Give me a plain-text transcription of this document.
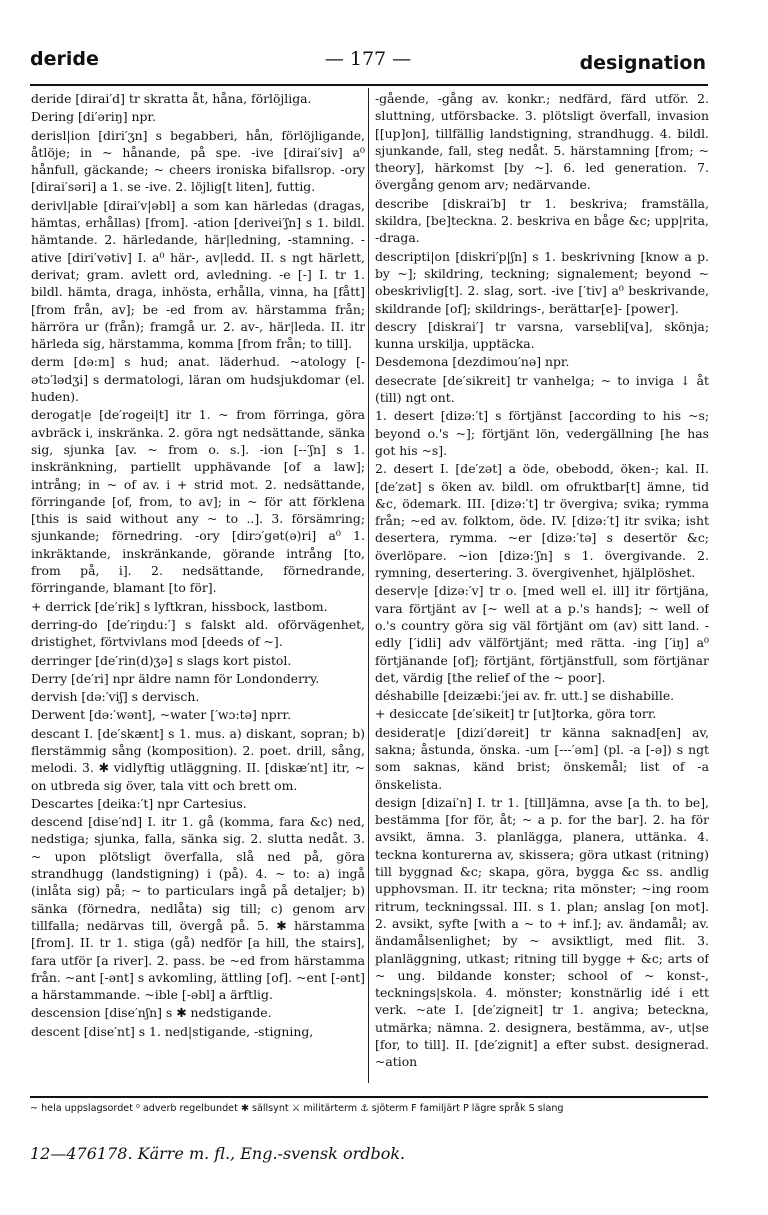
deride	— 177 —	designation

deride [dirai′d] tr skratta åt, håna, förlöjliga.

Dering [di′əriŋ] npr.

derisl|ion [diri′ʒn] s begabberi, hån, förlöjligande, åtlöje; in ~ hånande, på spe. -ive [dirai′siv] a⁰ hånfull, gäckande; ~ cheers ironiska bifallsrop. -ory [dirai′səri] a 1. se -ive. 2. löjlig[t liten], futtig.

derivl|able [dirai′v|əbl] a som kan härledas (dragas, hämtas, erhållas) [from]. -ation [derivei′ʃn] s 1. bildl. hämtande. 2. härledande, här|ledning, -stamning. -ative [diri′vətiv] I. a⁰ här-, av|ledd. II. s ngt härlett, derivat; gram. avlett ord, avledning. -e [-] I. tr 1. bildl. hämta, draga, inhösta, erhålla, vinna, ha [fått] [from från, av]; be -ed from av. härstamma från; härröra ur (från); framgå ur. 2. av-, här|leda. II. itr härleda sig, härstamma, komma [from från; to till].

derm [də:m] s hud; anat. läderhud. ~atology [-ətɔ′lədʒi] s dermatologi, läran om hudsjukdomar (el. huden).

derogat|e [de′rogei|t] itr 1. ~ from förringa, göra avbräck i, inskränka. 2. göra ngt nedsättande, sänka sig, sjunka [av. ~ from o. s.]. -ion [--′ʃn] s 1. inskränkning, partiellt upphävande [of a law]; intrång; in ~ of av. i + strid mot. 2. nedsättande, förringande [of, from, to av]; in ~ för att förklena [this is said without any ~ to ..]. 3. försämring; sjunkande; förnedring. -ory [dirɔ′gət(ə)ri] a⁰ 1. inkräktande, inskränkande, görande intrång [to, from på, i]. 2. nedsättande, förnedrande, förringande, blamant [to för].

+ derrick [de′rik] s lyftkran, hissbock, lastbom.

derring-do [de′riŋdu:′] s falskt ald. oförvägenhet, dristighet, förtvivlans mod [deeds of ~].

derringer [de′rin(d)ʒə] s slags kort pistol.

Derry [de′ri] npr äldre namn för Londonderry.

dervish [də:′viʃ] s dervisch.

Derwent [də:′wənt], ~water [′wɔ:tə] nprr.

descant I. [de′skænt] s 1. mus. a) diskant, sopran; b) flerstämmig sång (komposition). 2. poet. drill, sång, melodi. 3. ✱ vidlyftig utläggning. II. [diskæ′nt] itr, ~ on utbreda sig över, tala vitt och brett om.

Descartes [deika:′t] npr Cartesius.

descend [dise′nd] I. itr 1. gå (komma, fara &c) ned, nedstiga; sjunka, falla, sänka sig. 2. slutta nedåt. 3. ~ upon plötsligt överfalla, slå ned på, göra strandhugg (landstigning) i (på). 4. ~ to: a) ingå (inlåta sig) på; ~ to particulars ingå på detaljer; b) sänka (förnedra, nedlåta) sig till; c) genom arv tillfalla; nedärvas till, övergå på. 5. ✱ härstamma [from]. II. tr 1. stiga (gå) nedför [a hill, the stairs], fara utför [a river]. 2. pass. be ~ed from härstamma från. ~ant [-ənt] s avkomling, ättling [of]. ~ent [-ənt] a härstammande. ~ible [-əbl] a ärftlig.

descension [dise′nʃn] s ✱ nedstigande.

descent [dise′nt] s 1. ned|stigande, -stigning,

-gående, -gång av. konkr.; nedfärd, färd utför. 2. sluttning, utförsbacke. 3. plötsligt överfall, invasion [[up]on], tillfällig landstigning, strandhugg. 4. bildl. sjunkande, fall, steg nedåt. 5. härstamning [from; ~ theory], härkomst [by ~]. 6. led generation. 7. övergång genom arv; nedärvande.

describe [diskrai′b] tr 1. beskriva; framställa, skildra, [be]teckna. 2. beskriva en båge &c; upp|rita, -draga.

descripti|on [diskri′p|ʃn] s 1. beskrivning [know a p. by ~]; skildring, teckning; signalement; beyond ~ obeskrivlig[t]. 2. slag, sort. -ive [′tiv] a⁰ beskrivande, skildrande [of]; skildrings-, berättar[e]- [power].

descry [diskrai′] tr varsna, varsebli[va], skönja; kunna urskilja, upptäcka.

Desdemona [dezdimou′nə] npr.

desecrate [de′sikreit] tr vanhelga; ~ to inviga ↓ åt (till) ngt ont.

1. desert [dizə:′t] s förtjänst [according to his ~s; beyond o.'s ~]; förtjänt lön, vedergällning [he has got his ~s].

2. desert I. [de′zət] a öde, obebodd, öken-; kal. II. [de′zət] s öken av. bildl. om ofruktbar[t] ämne, tid &c, ödemark. III. [dizə:′t] tr övergiva; svika; rymma från; ~ed av. folktom, öde. IV. [dizə:′t] itr svika; isht desertera, rymma. ~er [dizə:′tə] s desertör &c; överlöpare. ~ion [dizə:′ʃn] s 1. övergivande. 2. rymning, desertering. 3. övergivenhet, hjälplöshet.

deserv|e [dizə:′v] tr o. [med well el. ill] itr förtjäna, vara förtjänt av [~ well at a p.'s hands]; ~ well of o.'s country göra sig väl förtjänt om (av) sitt land. -edly [′idli] adv välförtjänt; med rätta. -ing [′iŋ] a⁰ förtjänande [of]; förtjänt, förtjänstfull, som förtjänar det, värdig [the relief of the ~ poor].

déshabille [deizæbi:′jei av. fr. utt.] se dishabille.

+ desiccate [de′sikeit] tr [ut]torka, göra torr.

desiderat|e [dizi′dəreit] tr känna saknad[en] av, sakna; åstunda, önska. -um [---′əm] (pl. -a [-ə]) s ngt som saknas, känd brist; önskemål; list of -a önskelista.

design [dizai′n] I. tr 1. [till]ämna, avse [a th. to be], bestämma [for för, åt; ~ a p. for the bar]. 2. ha för avsikt, ämna. 3. planlägga, planera, uttänka. 4. teckna konturerna av, skissera; göra utkast (ritning) till byggnad &c; skapa, göra, bygga &c ss. andlig upphovsman. II. itr teckna; rita mönster; ~ing room ritrum, teckningssal. III. s 1. plan; anslag [on mot]. 2. avsikt, syfte [with a ~ to + inf.]; av. ändamål; av. ändamålsenlighet; by ~ avsiktligt, med flit. 3. planläggning, utkast; ritning till bygge + &c; arts of ~ ung. bildande konster; school of ~ konst-, tecknings|skola. 4. mönster; konstnärlig idé i ett verk. ~ate I. [de′zigneit] tr 1. angiva; beteckna, utmärka; nämna. 2. designera, bestämma, av-, ut|se [for, to till]. II. [de′zignit] a efter subst. designerad. ~ation

~ hela uppslagsordet ⁰ adverb regelbundet ✱ sällsynt ⚔ militärterm ⚓ sjöterm F familjärt P lägre språk S slang
12—476178. Kärre m. fl., Eng.-svensk ordbok.
